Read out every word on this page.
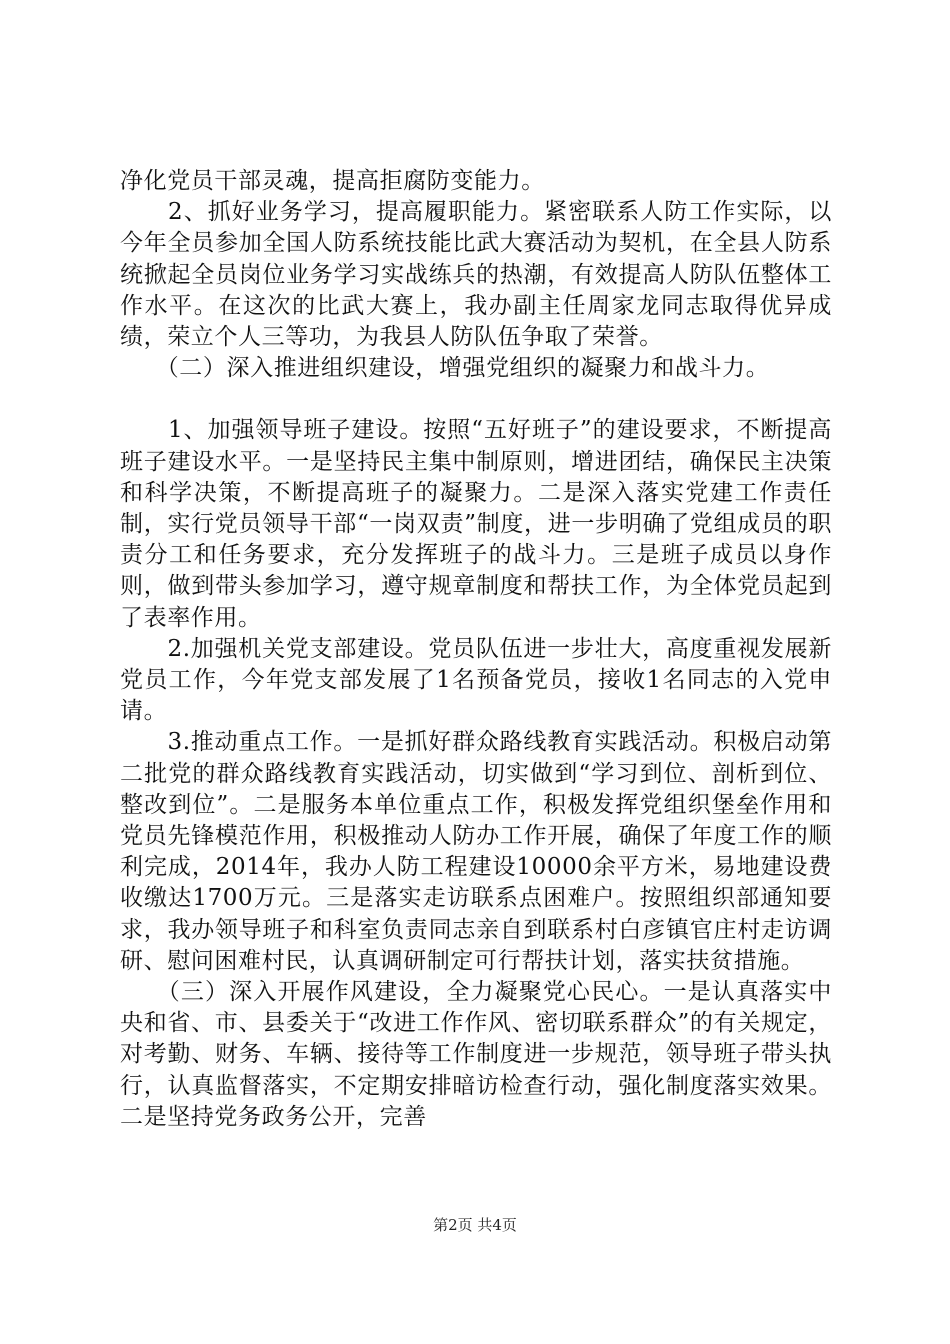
净化党员干部灵魂，提高拒腐防变能力。

　　2、抓好业务学习，提高履职能力。紧密联系人防工作实际，以今年全员参加全国人防系统技能比武大赛活动为契机，在全县人防系统掀起全员岗位业务学习实战练兵的热潮，有效提高人防队伍整体工作水平。在这次的比武大赛上，我办副主任周家龙同志取得优异成绩，荣立个人三等功，为我县人防队伍争取了荣誉。

　　（二）深入推进组织建设，增强党组织的凝聚力和战斗力。

　　1、加强领导班子建设。按照“五好班子”的建设要求，不断提高班子建设水平。一是坚持民主集中制原则，增进团结，确保民主决策和科学决策，不断提高班子的凝聚力。二是深入落实党建工作责任制，实行党员领导干部“一岗双责”制度，进一步明确了党组成员的职责分工和任务要求，充分发挥班子的战斗力。三是班子成员以身作则，做到带头参加学习，遵守规章制度和帮扶工作，为全体党员起到了表率作用。

　　2.加强机关党支部建设。党员队伍进一步壮大，高度重视发展新党员工作，今年党支部发展了1名预备党员，接收1名同志的入党申请。

　　3.推动重点工作。一是抓好群众路线教育实践活动。积极启动第二批党的群众路线教育实践活动，切实做到“学习到位、剖析到位、整改到位”。二是服务本单位重点工作，积极发挥党组织堡垒作用和党员先锋模范作用，积极推动人防办工作开展，确保了年度工作的顺利完成，2014年，我办人防工程建设10000余平方米，易地建设费收缴达1700万元。三是落实走访联系点困难户。按照组织部通知要求，我办领导班子和科室负责同志亲自到联系村白彦镇官庄村走访调研、慰问困难村民，认真调研制定可行帮扶计划，落实扶贫措施。

　　（三）深入开展作风建设，全力凝聚党心民心。一是认真落实中央和省、市、县委关于“改进工作作风、密切联系群众”的有关规定，对考勤、财务、车辆、接待等工作制度进一步规范，领导班子带头执行，认真监督落实，不定期安排暗访检查行动，强化制度落实效果。二是坚持党务政务公开，完善

第2页 共4页
